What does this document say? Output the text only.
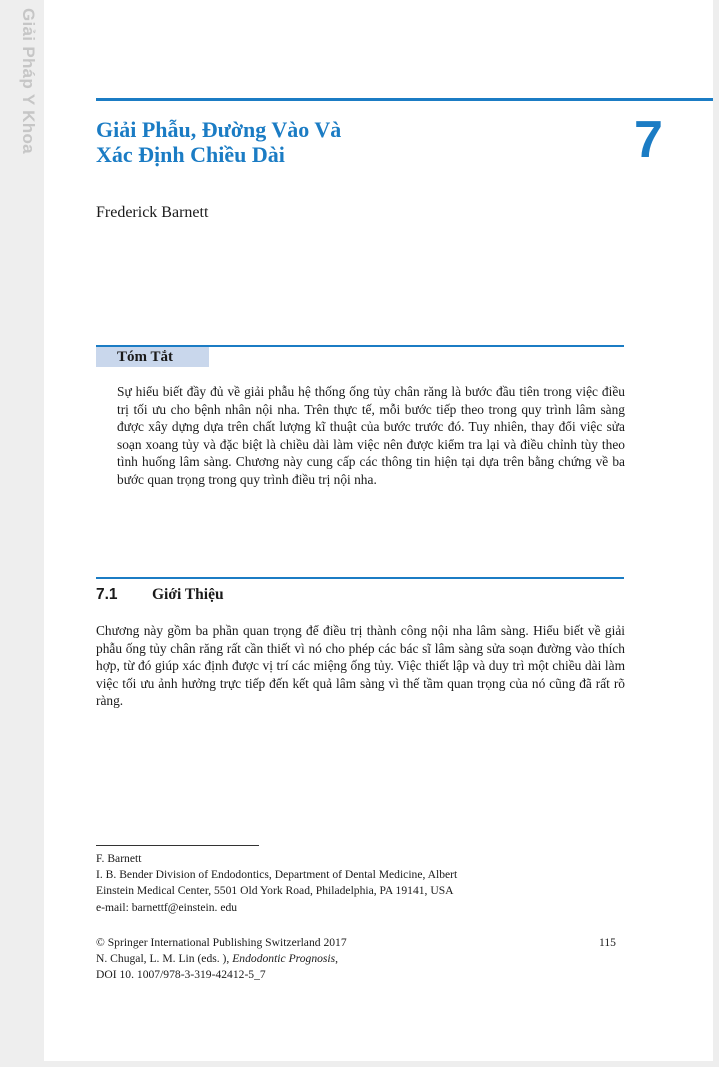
Giải Phẫu, Đường Vào Và
Xác Định Chiều Dài	7
Frederick Barnett
Tóm Tắt

Sự hiểu biết đầy đủ về giải phẫu hệ thống ống tủy chân răng là bước đầu tiên trong việc điều trị tối ưu cho bệnh nhân nội nha. Trên thực tế, mỗi bước tiếp theo trong quy trình lâm sàng được xây dựng dựa trên chất lượng kĩ thuật của bước trước đó. Tuy nhiên, thay đổi việc sửa soạn xoang tủy và đặc biệt là chiều dài làm việc nên được kiểm tra lại và điều chỉnh tùy theo tình huống lâm sàng. Chương này cung cấp các thông tin hiện tại dựa trên bằng chứng về ba bước quan trọng trong quy trình điều trị nội nha.

7.1 Giới Thiệu

Chương này gồm ba phần quan trọng để điều trị thành công nội nha lâm sàng. Hiểu biết về giải phẫu ống tủy chân răng rất cần thiết vì nó cho phép các bác sĩ lâm sàng sửa soạn đường vào thích hợp, từ đó giúp xác định được vị trí các miệng ống tủy. Việc thiết lập và duy trì một chiều dài làm việc tối ưu ảnh hưởng trực tiếp đến kết quả lâm sàng vì thế tầm quan trọng của nó cũng đã rất rõ ràng.

F. Barnett
I. B. Bender Division of Endodontics, Department of Dental Medicine, Albert
Einstein Medical Center, 5501 Old York Road, Philadelphia, PA 19141, USA
e-mail: barnettf@einstein. edu
© Springer International Publishing Switzerland 2017
N. Chugal, L. M. Lin (eds. ), Endodontic Prognosis,
DOI 10. 1007/978-3-319-42412-5_7
115
Giải Pháp Y Khoa
